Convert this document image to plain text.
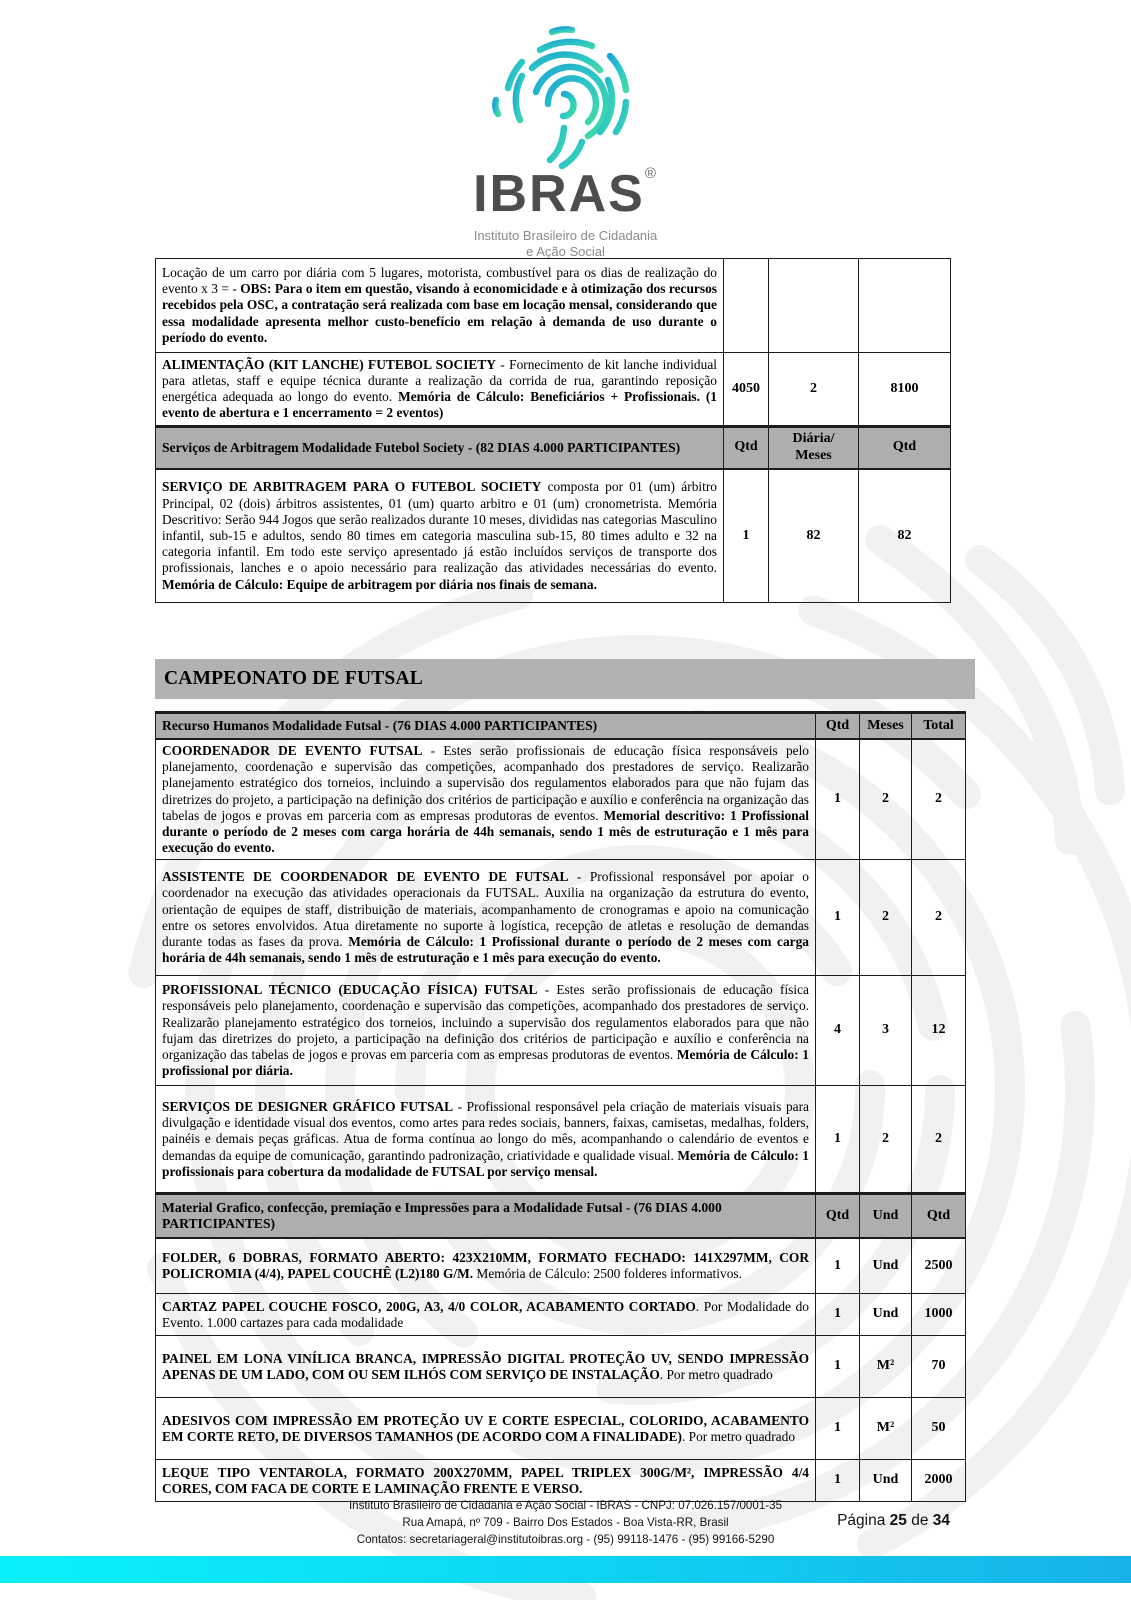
IBRAS®
Instituto Brasileiro de Cidadania
e Ação Social
Locação de um carro por diária com 5 lugares, motorista, combustível para os dias de realização do evento x 3 = - OBS: Para o item em questão, visando à economicidade e à otimização dos recursos recebidos pela OSC, a contratação será realizada com base em locação mensal, considerando que essa modalidade apresenta melhor custo-benefício em relação à demanda de uso durante o período do evento.			
ALIMENTAÇÃO (KIT LANCHE) FUTEBOL SOCIETY - Fornecimento de kit lanche individual para atletas, staff e equipe técnica durante a realização da corrida de rua, garantindo reposição energética adequada ao longo do evento. Memória de Cálculo: Beneficiários + Profissionais. (1 evento de abertura e 1 encerramento = 2 eventos)	4050	2	8100
Serviços de Arbitragem Modalidade Futebol Society - (82 DIAS 4.000 PARTICIPANTES)	Qtd	Diária/ Meses	Qtd
SERVIÇO DE ARBITRAGEM PARA O FUTEBOL SOCIETY composta por 01 (um) árbitro Principal, 02 (dois) árbitros assistentes, 01 (um) quarto arbitro e 01 (um) cronometrista. Memória Descritivo: Serão 944 Jogos que serão realizados durante 10 meses, divididas nas categorias Masculino infantil, sub-15 e adultos, sendo 80 times em categoria masculina sub-15, 80 times adulto e 32 na categoria infantil. Em todo este serviço apresentado já estão incluídos serviços de transporte dos profissionais, lanches e o apoio necessário para realização das atividades necessárias do evento. Memória de Cálculo: Equipe de arbitragem por diária nos finais de semana.	1	82	82
CAMPEONATO DE FUTSAL
Recurso Humanos Modalidade Futsal - (76 DIAS 4.000 PARTICIPANTES)	Qtd	Meses	Total
COORDENADOR DE EVENTO FUTSAL - Estes serão profissionais de educação física responsáveis pelo planejamento, coordenação e supervisão das competições, acompanhado dos prestadores de serviço. Realizarão planejamento estratégico dos torneios, incluindo a supervisão dos regulamentos elaborados para que não fujam das diretrizes do projeto, a participação na definição dos critérios de participação e auxílio e conferência na organização das tabelas de jogos e provas em parceria com as empresas produtoras de eventos. Memorial descritivo: 1 Profissional durante o período de 2 meses com carga horária de 44h semanais, sendo 1 mês de estruturação e 1 mês para execução do evento.	1	2	2
ASSISTENTE DE COORDENADOR DE EVENTO DE FUTSAL - Profissional responsável por apoiar o coordenador na execução das atividades operacionais da FUTSAL. Auxilia na organização da estrutura do evento, orientação de equipes de staff, distribuição de materiais, acompanhamento de cronogramas e apoio na comunicação entre os setores envolvidos. Atua diretamente no suporte à logística, recepção de atletas e resolução de demandas durante todas as fases da prova. Memória de Cálculo: 1 Profissional durante o período de 2 meses com carga horária de 44h semanais, sendo 1 mês de estruturação e 1 mês para execução do evento.	1	2	2
PROFISSIONAL TÉCNICO (EDUCAÇÃO FÍSICA) FUTSAL - Estes serão profissionais de educação física responsáveis pelo planejamento, coordenação e supervisão das competições, acompanhado dos prestadores de serviço. Realizarão planejamento estratégico dos torneios, incluindo a supervisão dos regulamentos elaborados para que não fujam das diretrizes do projeto, a participação na definição dos critérios de participação e auxílio e conferência na organização das tabelas de jogos e provas em parceria com as empresas produtoras de eventos. Memória de Cálculo: 1 profissional por diária.	4	3	12
SERVIÇOS DE DESIGNER GRÁFICO FUTSAL - Profissional responsável pela criação de materiais visuais para divulgação e identidade visual dos eventos, como artes para redes sociais, banners, faixas, camisetas, medalhas, folders, painéis e demais peças gráficas. Atua de forma contínua ao longo do mês, acompanhando o calendário de eventos e demandas da equipe de comunicação, garantindo padronização, criatividade e qualidade visual. Memória de Cálculo: 1 profissionais para cobertura da modalidade de FUTSAL por serviço mensal.	1	2	2
Material Grafico, confecção, premiação e Impressões para a Modalidade Futsal - (76 DIAS 4.000 PARTICIPANTES)	Qtd	Und	Qtd
FOLDER, 6 DOBRAS, FORMATO ABERTO: 423X210MM, FORMATO FECHADO: 141X297MM, COR POLICROMIA (4/4), PAPEL COUCHÊ (L2)180 G/M. Memória de Cálculo: 2500 folderes informativos.	1	Und	2500
CARTAZ PAPEL COUCHE FOSCO, 200G, A3, 4/0 COLOR, ACABAMENTO CORTADO. Por Modalidade do Evento. 1.000 cartazes para cada modalidade	1	Und	1000
PAINEL EM LONA VINÍLICA BRANCA, IMPRESSÃO DIGITAL PROTEÇÃO UV, SENDO IMPRESSÃO APENAS DE UM LADO, COM OU SEM ILHÓS COM SERVIÇO DE INSTALAÇÃO. Por metro quadrado	1	M²	70
ADESIVOS COM IMPRESSÃO EM PROTEÇÃO UV E CORTE ESPECIAL, COLORIDO, ACABAMENTO EM CORTE RETO, DE DIVERSOS TAMANHOS (DE ACORDO COM A FINALIDADE). Por metro quadrado	1	M²	50
LEQUE TIPO VENTAROLA, FORMATO 200X270MM, PAPEL TRIPLEX 300G/M², IMPRESSÃO 4/4 CORES, COM FACA DE CORTE E LAMINAÇÃO FRENTE E VERSO.	1	Und	2000
Instituto Brasileiro de Cidadania e Ação Social - IBRAS - CNPJ: 07.026.157/0001-35
Rua Amapá, nº 709 - Bairro Dos Estados - Boa Vista-RR, Brasil
Contatos: secretariageral@institutoibras.org - (95) 99118-1476 - (95) 99166-5290
Página 25 de 34
